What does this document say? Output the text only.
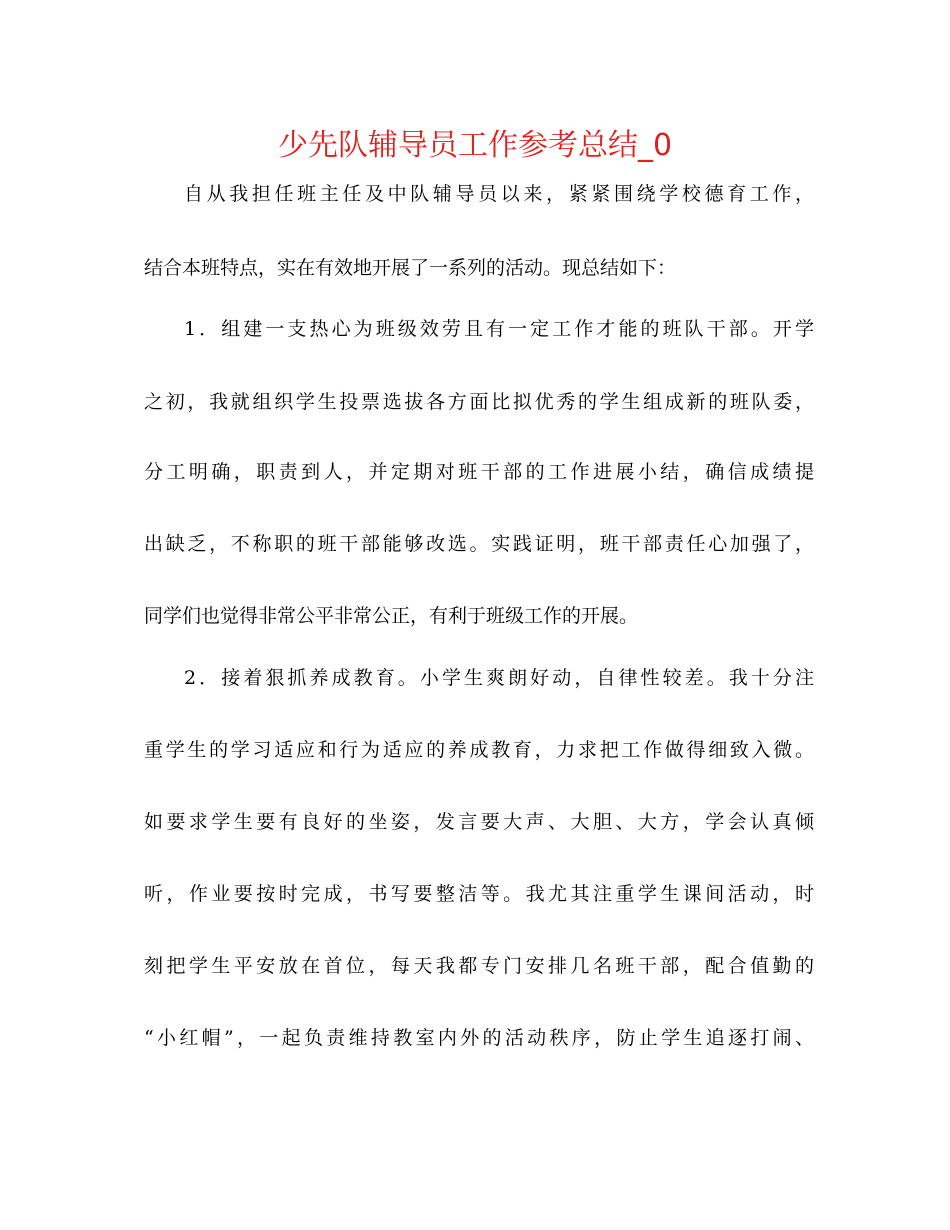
少先队辅导员工作参考总结_0
自从我担任班主任及中队辅导员以来，紧紧围绕学校德育工作，
结合本班特点，实在有效地开展了一系列的活动。现总结如下：
1．组建一支热心为班级效劳且有一定工作才能的班队干部。开学
之初，我就组织学生投票选拔各方面比拟优秀的学生组成新的班队委，
分工明确，职责到人，并定期对班干部的工作进展小结，确信成绩提
出缺乏，不称职的班干部能够改选。实践证明，班干部责任心加强了，
同学们也觉得非常公平非常公正，有利于班级工作的开展。
2．接着狠抓养成教育。小学生爽朗好动，自律性较差。我十分注
重学生的学习适应和行为适应的养成教育，力求把工作做得细致入微。
如要求学生要有良好的坐姿，发言要大声、大胆、大方，学会认真倾
听，作业要按时完成，书写要整洁等。我尤其注重学生课间活动，时
刻把学生平安放在首位，每天我都专门安排几名班干部，配合值勤的
“小红帽”，一起负责维持教室内外的活动秩序，防止学生追逐打闹、
